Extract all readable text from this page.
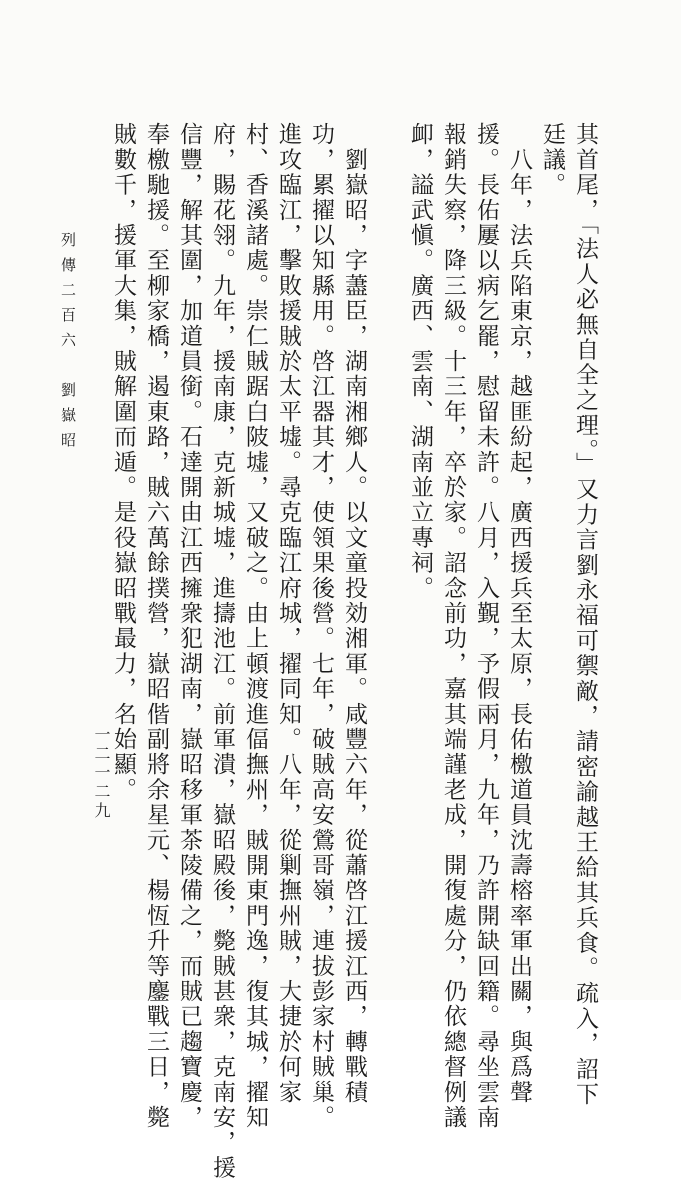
其首尾，「法人必無自全之理。」又力言劉永福可禦敵，請密諭越王給其兵食。疏入，詔下
廷議。
　八年，法兵陷東京，越匪紛起，廣西援兵至太原，長佑檄道員沈壽榕率軍出關，與爲聲
援。長佑屢以病乞罷，慰留未許。八月，入覲，予假兩月，九年，乃許開缺回籍。尋坐雲南
報銷失察，降三級。十三年，卒於家。詔念前功，嘉其端謹老成，開復處分，仍依總督例議
卹，謚武愼。廣西、雲南、湖南並立專祠。
　劉嶽昭，字藎臣，湖南湘鄉人。以文童投効湘軍。咸豐六年，從蕭啓江援江西，轉戰積
功，累擢以知縣用。啓江器其才，使領果後營。七年，破賊高安鶯哥嶺，連拔彭家村賊巢。
進攻臨江，擊敗援賊於太平墟。尋克臨江府城，擢同知。八年，從剿撫州賊，大捷於何家
村、香溪諸處。崇仁賊踞白陂墟，又破之。由上頓渡進偪撫州，賊開東門逸，復其城，擢知
府，賜花翎。九年，援南康，克新城墟，進擣池江。前軍潰，嶽昭殿後，斃賊甚衆，克南安，援
信豐，解其圍，加道員銜。石達開由江西擁衆犯湖南，嶽昭移軍茶陵備之，而賊已趨寶慶，
奉檄馳援。至柳家橋，遏東路，賊六萬餘撲營，嶽昭偕副將余星元、楊恆升等鏖戰三日，斃
賊數千，援軍大集，賊解圍而遁。是役嶽昭戰最力，名始顯。
列傳二百六　劉嶽昭
一二一二九
